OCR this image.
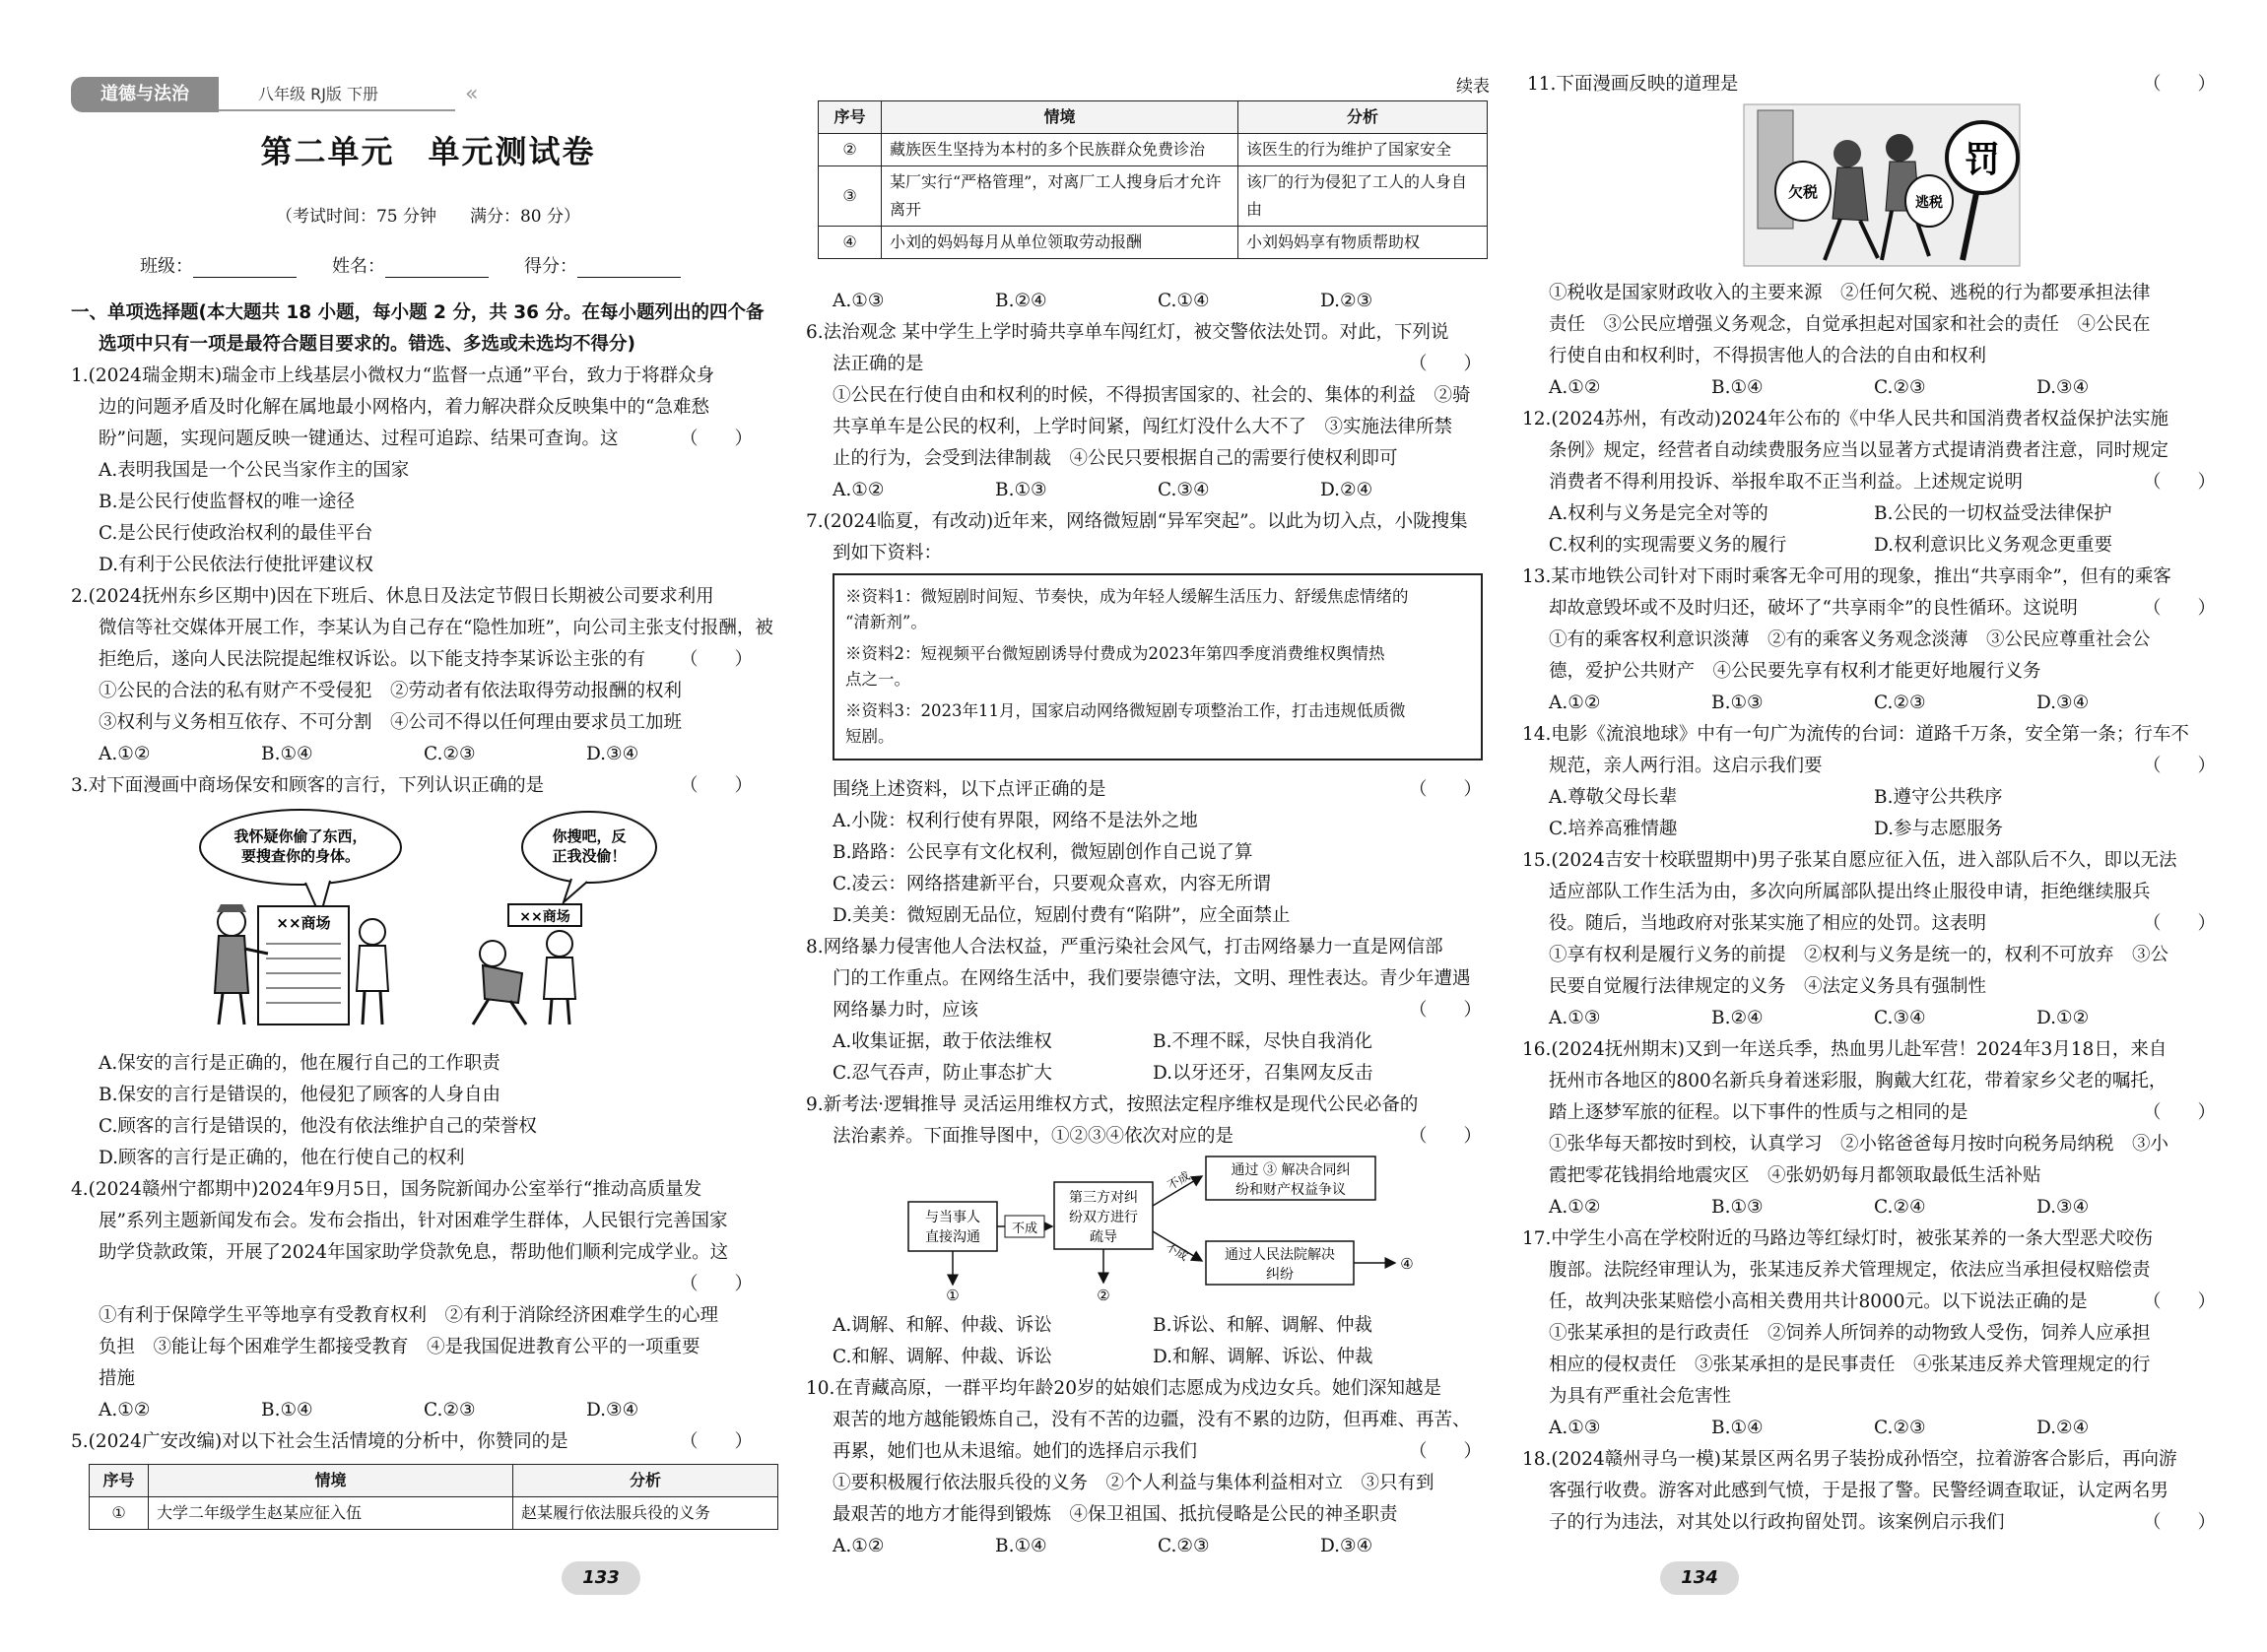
道德与法治	八年级 RJ版 下册	«
第二单元　单元测试卷
（考试时间：75 分钟　　满分：80 分）
班级：	姓名：	得分：
一、单项选择题(本大题共 18 小题，每小题 2 分，共 36 分。在每小题列出的四个备
选项中只有一项是最符合题目要求的。错选、多选或未选均不得分)
1.(2024瑞金期末)瑞金市上线基层小微权力“监督一点通”平台，致力于将群众身
边的问题矛盾及时化解在属地最小网格内，着力解决群众反映集中的“急难愁
盼”问题，实现问题反映一键通达、过程可追踪、结果可查询。这	（　　）
A.表明我国是一个公民当家作主的国家
B.是公民行使监督权的唯一途径
C.是公民行使政治权利的最佳平台
D.有利于公民依法行使批评建议权
2.(2024抚州东乡区期中)因在下班后、休息日及法定节假日长期被公司要求利用
微信等社交媒体开展工作，李某认为自己存在“隐性加班”，向公司主张支付报酬，被
拒绝后，遂向人民法院提起维权诉讼。以下能支持李某诉讼主张的有 （　　）
①公民的合法的私有财产不受侵犯　②劳动者有依法取得劳动报酬的权利
③权利与义务相互依存、不可分割　④公司不得以任何理由要求员工加班
A.①②	B.①④	C.②③	D.③④
3.对下面漫画中商场保安和顾客的言行，下列认识正确的是	（　　）
我怀疑你偷了东西，
要搜查你的身体。
你搜吧，反
正我没偷！
××商场	××商场
A.保安的言行是正确的，他在履行自己的工作职责
B.保安的言行是错误的，他侵犯了顾客的人身自由
C.顾客的言行是错误的，他没有依法维护自己的荣誉权
D.顾客的言行是正确的，他在行使自己的权利
4.(2024赣州宁都期中)2024年9月5日，国务院新闻办公室举行“推动高质量发
展”系列主题新闻发布会。发布会指出，针对困难学生群体，人民银行完善国家
助学贷款政策，开展了2024年国家助学贷款免息，帮助他们顺利完成学业。这
（　　）
①有利于保障学生平等地享有受教育权利　②有利于消除经济困难学生的心理
负担　③能让每个困难学生都接受教育　④是我国促进教育公平的一项重要
措施
A.①②	B.①④	C.②③	D.③④
5.(2024广安改编)对以下社会生活情境的分析中，你赞同的是	（　　）
序号	情境	分析
①	大学二年级学生赵某应征入伍	赵某履行依法服兵役的义务
133
续表
序号	情境	分析
②	藏族医生坚持为本村的多个民族群众免费诊治	该医生的行为维护了国家安全
③	某厂实行“严格管理”，对离厂工人搜身后才允许离开	该厂的行为侵犯了工人的人身自由
④	小刘的妈妈每月从单位领取劳动报酬	小刘妈妈享有物质帮助权
A.①③	B.②④	C.①④	D.②③
6.法治观念 某中学生上学时骑共享单车闯红灯，被交警依法处罚。对此，下列说
法正确的是	（　　）
①公民在行使自由和权利的时候，不得损害国家的、社会的、集体的利益　②骑
共享单车是公民的权利，上学时间紧，闯红灯没什么大不了　③实施法律所禁
止的行为，会受到法律制裁　④公民只要根据自己的需要行使权利即可
A.①②	B.①③	C.③④	D.②④
7.(2024临夏，有改动)近年来，网络微短剧“异军突起”。以此为切入点，小陇搜集
到如下资料：
※资料1：微短剧时间短、节奏快，成为年轻人缓解生活压力、舒缓焦虑情绪的
“清新剂”。
※资料2：短视频平台微短剧诱导付费成为2023年第四季度消费维权舆情热
点之一。
※资料3：2023年11月，国家启动网络微短剧专项整治工作，打击违规低质微
短剧。
围绕上述资料，以下点评正确的是	（　　）
A.小陇：权利行使有界限，网络不是法外之地
B.路路：公民享有文化权利，微短剧创作自己说了算
C.凌云：网络搭建新平台，只要观众喜欢，内容无所谓
D.美美：微短剧无品位，短剧付费有“陷阱”，应全面禁止
8.网络暴力侵害他人合法权益，严重污染社会风气，打击网络暴力一直是网信部
门的工作重点。在网络生活中，我们要崇德守法，文明、理性表达。青少年遭遇
网络暴力时，应该	（　　）
A.收集证据，敢于依法维权	B.不理不睬，尽快自我消化
C.忍气吞声，防止事态扩大	D.以牙还牙，召集网友反击
9.新考法·逻辑推导 灵活运用维权方式，按照法定程序维权是现代公民必备的
法治素养。下面推导图中，①②③④依次对应的是	（　　）
与当事人
直接沟通
不成
①
第三方对纠
纷双方进行
疏导
②
不成
不成
通过 ③ 解决合同纠
纷和财产权益争议
通过人民法院解决
纠纷
④
A.调解、和解、仲裁、诉讼	B.诉讼、和解、调解、仲裁
C.和解、调解、仲裁、诉讼	D.和解、调解、诉讼、仲裁
10.在青藏高原，一群平均年龄20岁的姑娘们志愿成为戍边女兵。她们深知越是
艰苦的地方越能锻炼自己，没有不苦的边疆，没有不累的边防，但再难、再苦、
再累，她们也从未退缩。她们的选择启示我们	（　　）
①要积极履行依法服兵役的义务　②个人利益与集体利益相对立　③只有到
最艰苦的地方才能得到锻炼　④保卫祖国、抵抗侵略是公民的神圣职责
A.①②	B.①④	C.②③	D.③④
11.下面漫画反映的道理是	（　　）
欠税
逃税
罚
①税收是国家财政收入的主要来源　②任何欠税、逃税的行为都要承担法律
责任　③公民应增强义务观念，自觉承担起对国家和社会的责任　④公民在
行使自由和权利时，不得损害他人的合法的自由和权利
A.①②	B.①④	C.②③	D.③④
12.(2024苏州，有改动)2024年公布的《中华人民共和国消费者权益保护法实施
条例》规定，经营者自动续费服务应当以显著方式提请消费者注意，同时规定
消费者不得利用投诉、举报牟取不正当利益。上述规定说明	（　　）
A.权利与义务是完全对等的	B.公民的一切权益受法律保护
C.权利的实现需要义务的履行	D.权利意识比义务观念更重要
13.某市地铁公司针对下雨时乘客无伞可用的现象，推出“共享雨伞”，但有的乘客
却故意毁坏或不及时归还，破坏了“共享雨伞”的良性循环。这说明	（　　）
①有的乘客权利意识淡薄　②有的乘客义务观念淡薄　③公民应尊重社会公
德，爱护公共财产　④公民要先享有权利才能更好地履行义务
A.①②	B.①③	C.②③	D.③④
14.电影《流浪地球》中有一句广为流传的台词：道路千万条，安全第一条；行车不
规范，亲人两行泪。这启示我们要	（　　）
A.尊敬父母长辈	B.遵守公共秩序
C.培养高雅情趣	D.参与志愿服务
15.(2024吉安十校联盟期中)男子张某自愿应征入伍，进入部队后不久，即以无法
适应部队工作生活为由，多次向所属部队提出终止服役申请，拒绝继续服兵
役。随后，当地政府对张某实施了相应的处罚。这表明	（　　）
①享有权利是履行义务的前提　②权利与义务是统一的，权利不可放弃　③公
民要自觉履行法律规定的义务　④法定义务具有强制性
A.①③	B.②④	C.③④	D.①②
16.(2024抚州期末)又到一年送兵季，热血男儿赴军营！2024年3月18日，来自
抚州市各地区的800名新兵身着迷彩服，胸戴大红花，带着家乡父老的嘱托，
踏上逐梦军旅的征程。以下事件的性质与之相同的是	（　　）
①张华每天都按时到校，认真学习　②小铭爸爸每月按时向税务局纳税　③小
霞把零花钱捐给地震灾区　④张奶奶每月都领取最低生活补贴
A.①②	B.①③	C.②④	D.③④
17.中学生小高在学校附近的马路边等红绿灯时，被张某养的一条大型恶犬咬伤
腹部。法院经审理认为，张某违反养犬管理规定，依法应当承担侵权赔偿责
任，故判决张某赔偿小高相关费用共计8000元。以下说法正确的是	（　　）
①张某承担的是行政责任　②饲养人所饲养的动物致人受伤，饲养人应承担
相应的侵权责任　③张某承担的是民事责任　④张某违反养犬管理规定的行
为具有严重社会危害性
A.①③	B.①④	C.②③	D.②④
18.(2024赣州寻乌一模)某景区两名男子装扮成孙悟空，拉着游客合影后，再向游
客强行收费。游客对此感到气愤，于是报了警。民警经调查取证，认定两名男
子的行为违法，对其处以行政拘留处罚。该案例启示我们	（　　）
134
